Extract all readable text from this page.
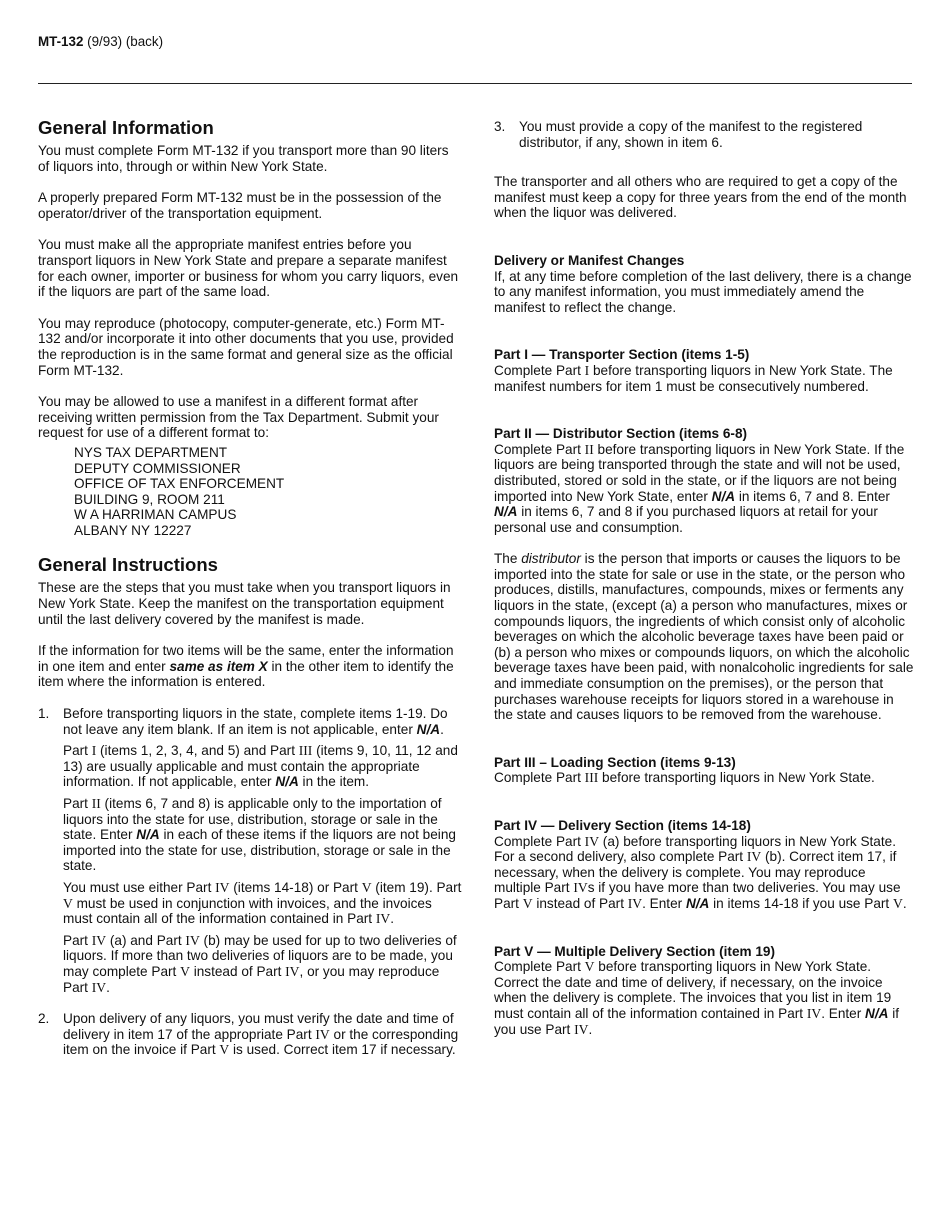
MT-132 (9/93) (back)
General Information

You must complete Form MT-132 if you transport more than 90 liters of liquors into, through or within New York State.

A properly prepared Form MT-132 must be in the possession of the operator/driver of the transportation equipment.

You must make all the appropriate manifest entries before you transport liquors in New York State and prepare a separate manifest for each owner, importer or business for whom you carry liquors, even if the liquors are part of the same load.

You may reproduce (photocopy, computer-generate, etc.) Form MT-132 and/or incorporate it into other documents that you use, provided the reproduction is in the same format and general size as the official Form MT-132.

You may be allowed to use a manifest in a different format after receiving written permission from the Tax Department. Submit your request for use of a different format to:

NYS TAX DEPARTMENT
DEPUTY COMMISSIONER
OFFICE OF TAX ENFORCEMENT
BUILDING 9, ROOM 211
W A HARRIMAN CAMPUS
ALBANY NY 12227
General Instructions

These are the steps that you must take when you transport liquors in New York State. Keep the manifest on the transportation equipment until the last delivery covered by the manifest is made.

If the information for two items will be the same, enter the information in one item and enter same as item X in the other item to identify the item where the information is entered.

1. Before transporting liquors in the state, complete items 1-19. Do not leave any item blank. If an item is not applicable, enter N/A.

Part I (items 1, 2, 3, 4, and 5) and Part III (items 9, 10, 11, 12 and 13) are usually applicable and must contain the appropriate information. If not applicable, enter N/A in the item.

Part II (items 6, 7 and 8) is applicable only to the importation of liquors into the state for use, distribution, storage or sale in the state. Enter N/A in each of these items if the liquors are not being imported into the state for use, distribution, storage or sale in the state.

You must use either Part IV (items 14-18) or Part V (item 19). Part V must be used in conjunction with invoices, and the invoices must contain all of the information contained in Part IV.

Part IV (a) and Part IV (b) may be used for up to two deliveries of liquors. If more than two deliveries of liquors are to be made, you may complete Part V instead of Part IV, or you may reproduce Part IV.

2. Upon delivery of any liquors, you must verify the date and time of delivery in item 17 of the appropriate Part IV or the corresponding item on the invoice if Part V is used. Correct item 17 if necessary.

3. You must provide a copy of the manifest to the registered distributor, if any, shown in item 6.

The transporter and all others who are required to get a copy of the manifest must keep a copy for three years from the end of the month when the liquor was delivered.

Delivery or Manifest Changes
If, at any time before completion of the last delivery, there is a change to any manifest information, you must immediately amend the manifest to reflect the change.
Part I — Transporter Section (items 1-5)
Complete Part I before transporting liquors in New York State. The manifest numbers for item 1 must be consecutively numbered.
Part II — Distributor Section (items 6-8)
Complete Part II before transporting liquors in New York State. If the liquors are being transported through the state and will not be used, distributed, stored or sold in the state, or if the liquors are not being imported into New York State, enter N/A in items 6, 7 and 8. Enter N/A in items 6, 7 and 8 if you purchased liquors at retail for your personal use and consumption.

The distributor is the person that imports or causes the liquors to be imported into the state for sale or use in the state, or the person who produces, distills, manufactures, compounds, mixes or ferments any liquors in the state, (except (a) a person who manufactures, mixes or compounds liquors, the ingredients of which consist only of alcoholic beverages on which the alcoholic beverage taxes have been paid or (b) a person who mixes or compounds liquors, on which the alcoholic beverage taxes have been paid, with nonalcoholic ingredients for sale and immediate consumption on the premises), or the person that purchases warehouse receipts for liquors stored in a warehouse in the state and causes liquors to be removed from the warehouse.

Part III – Loading Section (items 9-13)
Complete Part III before transporting liquors in New York State.
Part IV — Delivery Section (items 14-18)
Complete Part IV (a) before transporting liquors in New York State. For a second delivery, also complete Part IV (b). Correct item 17, if necessary, when the delivery is complete. You may reproduce multiple Part IVs if you have more than two deliveries. You may use Part V instead of Part IV. Enter N/A in items 14-18 if you use Part V.
Part V — Multiple Delivery Section (item 19)
Complete Part V before transporting liquors in New York State. Correct the date and time of delivery, if necessary, on the invoice when the delivery is complete. The invoices that you list in item 19 must contain all of the information contained in Part IV. Enter N/A if you use Part IV.
